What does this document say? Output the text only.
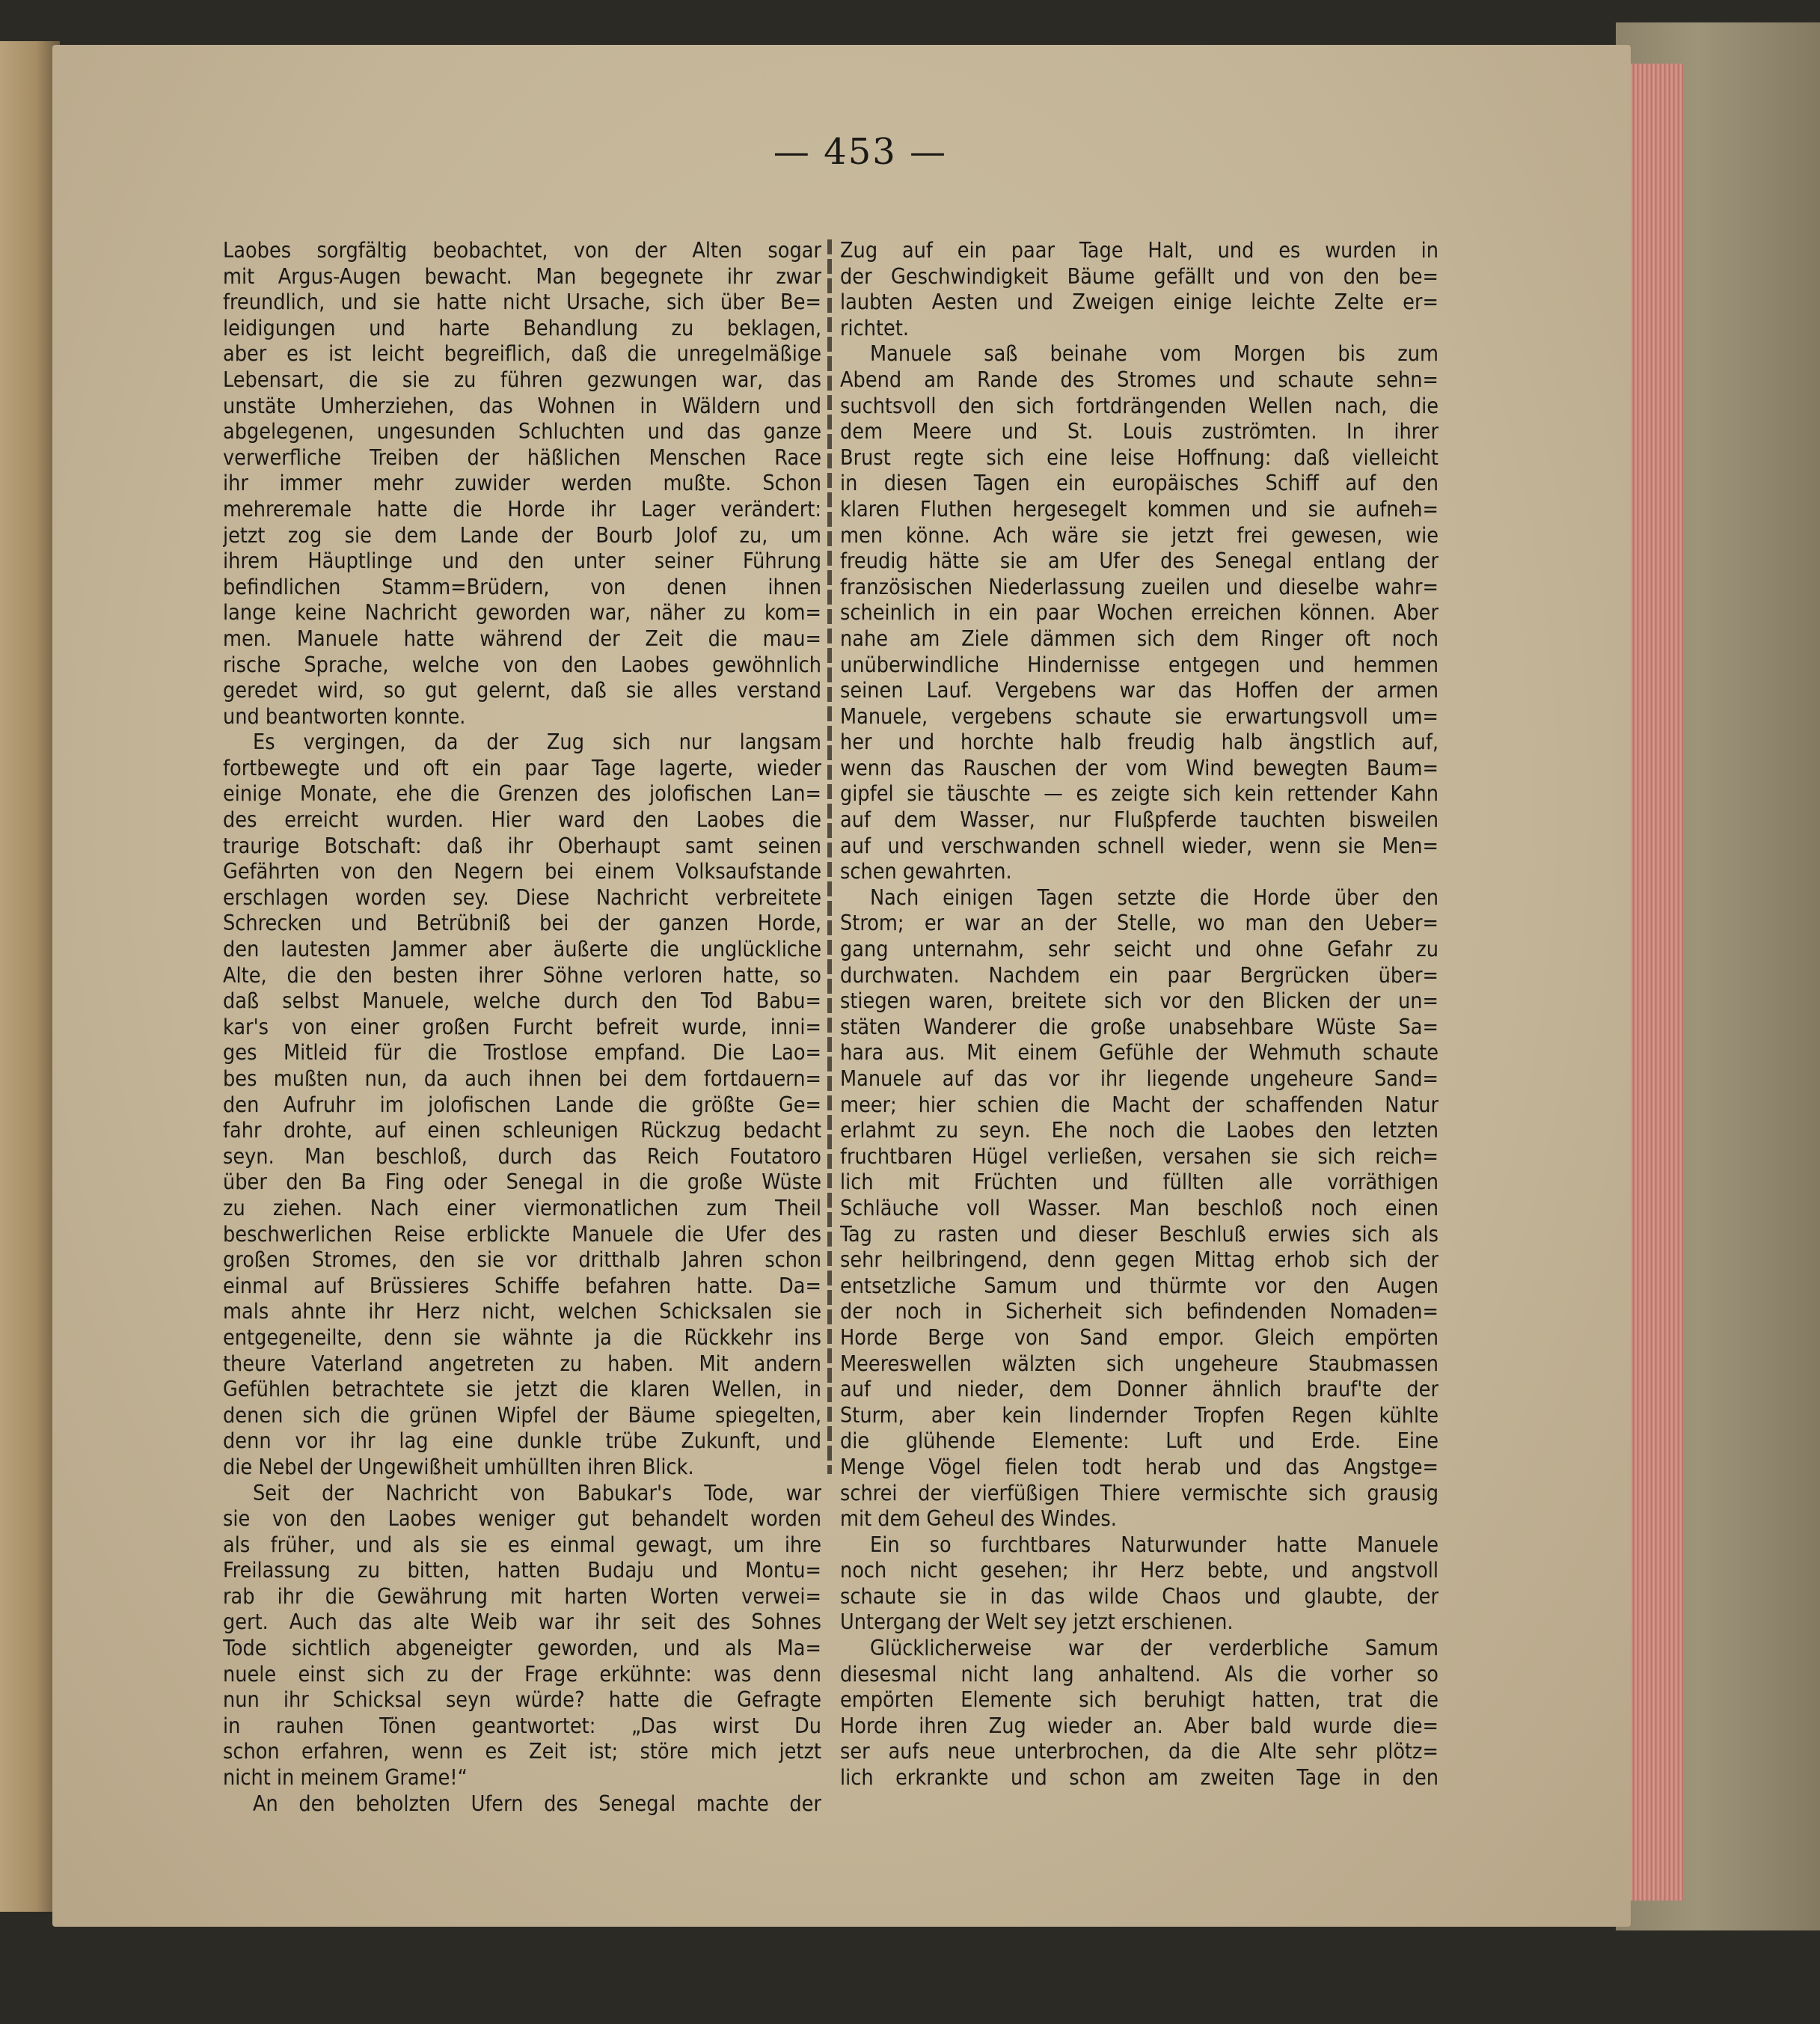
— 453 —
Laobes sorgfältig beobachtet, von der Alten sogar
mit Argus-Augen bewacht. Man begegnete ihr zwar
freundlich, und sie hatte nicht Ursache, sich über Be=
leidigungen und harte Behandlung zu beklagen,
aber es ist leicht begreiflich, daß die unregelmäßige
Lebensart, die sie zu führen gezwungen war, das
unstäte Umherziehen, das Wohnen in Wäldern und
abgelegenen, ungesunden Schluchten und das ganze
verwerfliche Treiben der häßlichen Menschen Race
ihr immer mehr zuwider werden mußte. Schon
mehreremale hatte die Horde ihr Lager verändert:
jetzt zog sie dem Lande der Bourb Jolof zu, um
ihrem Häuptlinge und den unter seiner Führung
befindlichen Stamm=Brüdern, von denen ihnen
lange keine Nachricht geworden war, näher zu kom=
men. Manuele hatte während der Zeit die mau=
rische Sprache, welche von den Laobes gewöhnlich
geredet wird, so gut gelernt, daß sie alles verstand
und beantworten konnte.
Es vergingen, da der Zug sich nur langsam
fortbewegte und oft ein paar Tage lagerte, wieder
einige Monate, ehe die Grenzen des jolofischen Lan=
des erreicht wurden. Hier ward den Laobes die
traurige Botschaft: daß ihr Oberhaupt samt seinen
Gefährten von den Negern bei einem Volksaufstande
erschlagen worden sey. Diese Nachricht verbreitete
Schrecken und Betrübniß bei der ganzen Horde,
den lautesten Jammer aber äußerte die unglückliche
Alte, die den besten ihrer Söhne verloren hatte, so
daß selbst Manuele, welche durch den Tod Babu=
kar's von einer großen Furcht befreit wurde, inni=
ges Mitleid für die Trostlose empfand. Die Lao=
bes mußten nun, da auch ihnen bei dem fortdauern=
den Aufruhr im jolofischen Lande die größte Ge=
fahr drohte, auf einen schleunigen Rückzug bedacht
seyn. Man beschloß, durch das Reich Foutatoro
über den Ba Fing oder Senegal in die große Wüste
zu ziehen. Nach einer viermonatlichen zum Theil
beschwerlichen Reise erblickte Manuele die Ufer des
großen Stromes, den sie vor dritthalb Jahren schon
einmal auf Brüssieres Schiffe befahren hatte. Da=
mals ahnte ihr Herz nicht, welchen Schicksalen sie
entgegeneilte, denn sie wähnte ja die Rückkehr ins
theure Vaterland angetreten zu haben. Mit andern
Gefühlen betrachtete sie jetzt die klaren Wellen, in
denen sich die grünen Wipfel der Bäume spiegelten,
denn vor ihr lag eine dunkle trübe Zukunft, und
die Nebel der Ungewißheit umhüllten ihren Blick.
Seit der Nachricht von Babukar's Tode, war
sie von den Laobes weniger gut behandelt worden
als früher, und als sie es einmal gewagt, um ihre
Freilassung zu bitten, hatten Budaju und Montu=
rab ihr die Gewährung mit harten Worten verwei=
gert. Auch das alte Weib war ihr seit des Sohnes
Tode sichtlich abgeneigter geworden, und als Ma=
nuele einst sich zu der Frage erkühnte: was denn
nun ihr Schicksal seyn würde? hatte die Gefragte
in rauhen Tönen geantwortet: „Das wirst Du
schon erfahren, wenn es Zeit ist; störe mich jetzt
nicht in meinem Grame!“
An den beholzten Ufern des Senegal machte der
Zug auf ein paar Tage Halt, und es wurden in
der Geschwindigkeit Bäume gefällt und von den be=
laubten Aesten und Zweigen einige leichte Zelte er=
richtet.
Manuele saß beinahe vom Morgen bis zum
Abend am Rande des Stromes und schaute sehn=
suchtsvoll den sich fortdrängenden Wellen nach, die
dem Meere und St. Louis zuströmten. In ihrer
Brust regte sich eine leise Hoffnung: daß vielleicht
in diesen Tagen ein europäisches Schiff auf den
klaren Fluthen hergesegelt kommen und sie aufneh=
men könne. Ach wäre sie jetzt frei gewesen, wie
freudig hätte sie am Ufer des Senegal entlang der
französischen Niederlassung zueilen und dieselbe wahr=
scheinlich in ein paar Wochen erreichen können. Aber
nahe am Ziele dämmen sich dem Ringer oft noch
unüberwindliche Hindernisse entgegen und hemmen
seinen Lauf. Vergebens war das Hoffen der armen
Manuele, vergebens schaute sie erwartungsvoll um=
her und horchte halb freudig halb ängstlich auf,
wenn das Rauschen der vom Wind bewegten Baum=
gipfel sie täuschte — es zeigte sich kein rettender Kahn
auf dem Wasser, nur Flußpferde tauchten bisweilen
auf und verschwanden schnell wieder, wenn sie Men=
schen gewahrten.
Nach einigen Tagen setzte die Horde über den
Strom; er war an der Stelle, wo man den Ueber=
gang unternahm, sehr seicht und ohne Gefahr zu
durchwaten. Nachdem ein paar Bergrücken über=
stiegen waren, breitete sich vor den Blicken der un=
stäten Wanderer die große unabsehbare Wüste Sa=
hara aus. Mit einem Gefühle der Wehmuth schaute
Manuele auf das vor ihr liegende ungeheure Sand=
meer; hier schien die Macht der schaffenden Natur
erlahmt zu seyn. Ehe noch die Laobes den letzten
fruchtbaren Hügel verließen, versahen sie sich reich=
lich mit Früchten und füllten alle vorräthigen
Schläuche voll Wasser. Man beschloß noch einen
Tag zu rasten und dieser Beschluß erwies sich als
sehr heilbringend, denn gegen Mittag erhob sich der
entsetzliche Samum und thürmte vor den Augen
der noch in Sicherheit sich befindenden Nomaden=
Horde Berge von Sand empor. Gleich empörten
Meereswellen wälzten sich ungeheure Staubmassen
auf und nieder, dem Donner ähnlich brauf'te der
Sturm, aber kein lindernder Tropfen Regen kühlte
die glühende Elemente: Luft und Erde. Eine
Menge Vögel fielen todt herab und das Angstge=
schrei der vierfüßigen Thiere vermischte sich grausig
mit dem Geheul des Windes.
Ein so furchtbares Naturwunder hatte Manuele
noch nicht gesehen; ihr Herz bebte, und angstvoll
schaute sie in das wilde Chaos und glaubte, der
Untergang der Welt sey jetzt erschienen.
Glücklicherweise war der verderbliche Samum
diesesmal nicht lang anhaltend. Als die vorher so
empörten Elemente sich beruhigt hatten, trat die
Horde ihren Zug wieder an. Aber bald wurde die=
ser aufs neue unterbrochen, da die Alte sehr plötz=
lich erkrankte und schon am zweiten Tage in den
